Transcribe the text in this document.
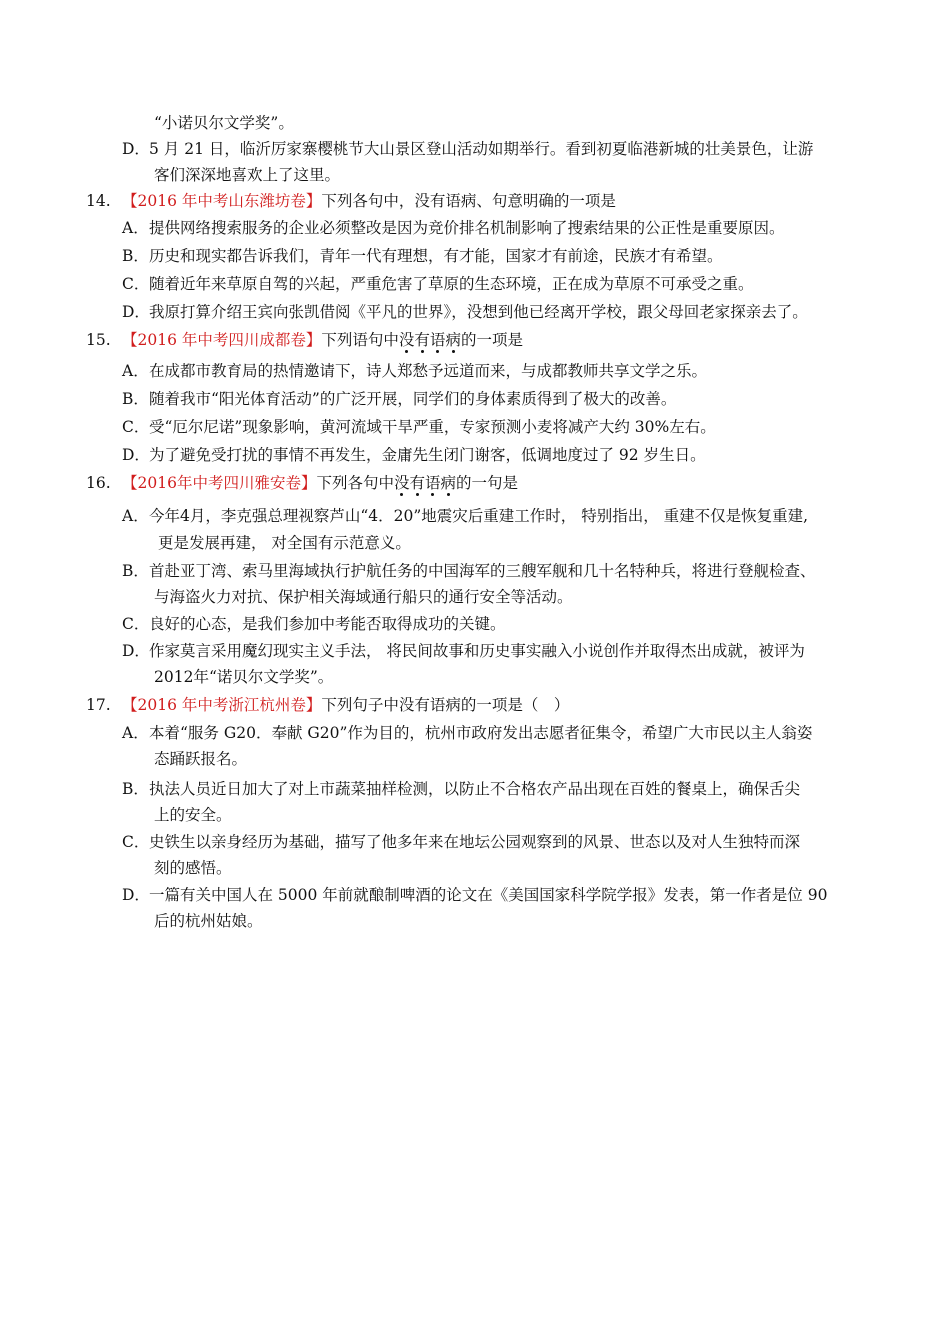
“小诺贝尔文学奖”。
D． 5 月 21 日，临沂厉家寨樱桃节大山景区登山活动如期举行。看到初夏临港新城的壮美景色，让游
客们深深地喜欢上了这里。
14. 【2016 年中考山东潍坊卷】下列各句中，没有语病、句意明确的一项是
A． 提供网络搜索服务的企业必须整改是因为竞价排名机制影响了搜索结果的公正性是重要原因。
B． 历史和现实都告诉我们，青年一代有理想，有才能，国家才有前途，民族才有希望。
C． 随着近年来草原自驾的兴起，严重危害了草原的生态环境，正在成为草原不可承受之重。
D． 我原打算介绍王宾向张凯借阅《平凡的世界》，没想到他已经离开学校，跟父母回老家探亲去了。
15. 【2016 年中考四川成都卷】下列语句中没有语病的一项是
A． 在成都市教育局的热情邀请下，诗人郑愁予远道而来，与成都教师共享文学之乐。
B． 随着我市“阳光体育活动”的广泛开展，同学们的身体素质得到了极大的改善。
C． 受“厄尔尼诺”现象影响，黄河流域干旱严重，专家预测小麦将减产大约 30%左右。
D． 为了避免受打扰的事情不再发生，金庸先生闭门谢客，低调地度过了 92 岁生日。
16. 【2016年中考四川雅安卷】下列各句中没有语病的一句是
A． 今年4月，李克强总理视察芦山“4．20”地震灾后重建工作时， 特别指出， 重建不仅是恢复重建,
更是发展再建， 对全国有示范意义。
B． 首赴亚丁湾、索马里海域执行护航任务的中国海军的三艘军舰和几十名特种兵，将进行登舰检查、
与海盗火力对抗、保护相关海域通行船只的通行安全等活动。
C． 良好的心态，是我们参加中考能否取得成功的关键。
D． 作家莫言采用魔幻现实主义手法， 将民间故事和历史事实融入小说创作并取得杰出成就，被评为
2012年“诺贝尔文学奖”。
17. 【2016 年中考浙江杭州卷】下列句子中没有语病的一项是（　）
A． 本着“服务 G20．奉献 G20”作为目的，杭州市政府发出志愿者征集令，希望广大市民以主人翁姿
态踊跃报名。
B． 执法人员近日加大了对上市蔬菜抽样检测，以防止不合格农产品出现在百姓的餐桌上，确保舌尖
上的安全。
C． 史铁生以亲身经历为基础，描写了他多年来在地坛公园观察到的风景、世态以及对人生独特而深
刻的感悟。
D． 一篇有关中国人在 5000 年前就酿制啤酒的论文在《美国国家科学院学报》发表，第一作者是位 90
后的杭州姑娘。
